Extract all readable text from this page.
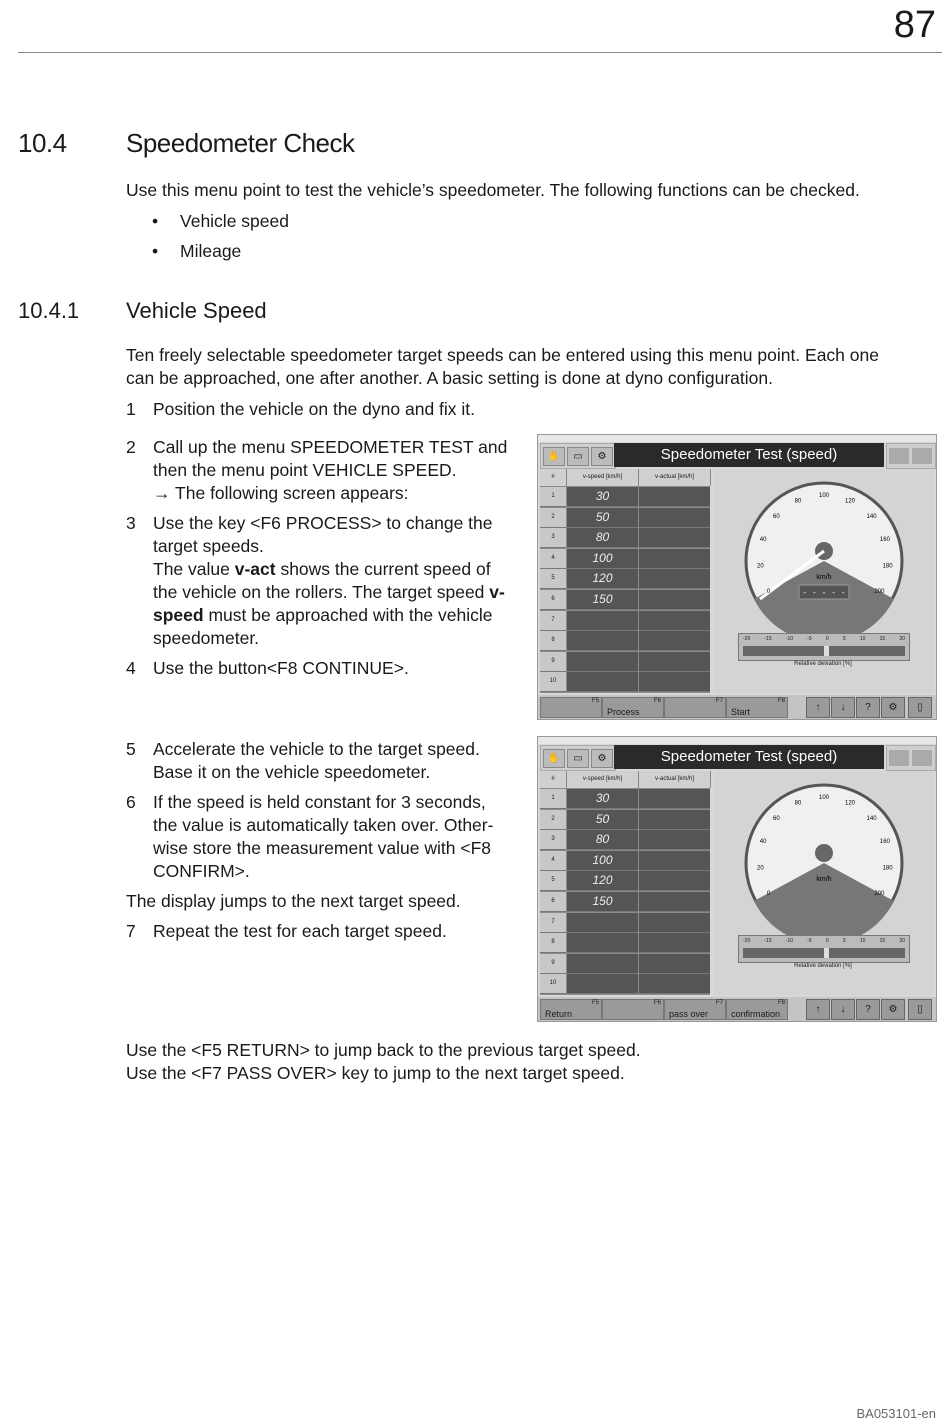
87
10.4 Speedometer Check
Use this menu point to test the vehicle’s speedometer. The following functions can be checked.
• Vehicle speed
• Mileage
10.4.1 Vehicle Speed
Ten freely selectable speedometer target speeds can be entered using this menu point. Each one
can be approached, one after another. A basic setting is done at dyno configuration.
1 Position the vehicle on the dyno and fix it.
2 Call up the menu SPEEDOMETER TEST and
then the menu point VEHICLE SPEED.
→ The following screen appears:
3 Use the key <F6 PROCESS> to change the
target speeds.
The value v-act shows the current speed of
the vehicle on the rollers. The target speed v-
speed must be approached with the vehicle
speedometer.
4 Use the button<F8 CONTINUE>.
5 Accelerate the vehicle to the target speed.
Base it on the vehicle speedometer.
6 If the speed is held constant for 3 seconds,
the value is automatically taken over. Other-
wise store the measurement value with <F8
CONFIRM>.
The display jumps to the next target speed.
7 Repeat the test for each target speed.
Use the <F5 RETURN> to jump back to the previous target speed.
Use the <F7 PASS OVER> key to jump to the next target speed.
BA053101-en
✋	▭	⚙	Speedometer Test (speed)
#	v-speed [km/h]	v-actual [km/h]
1	30
2	50
3	80
4	100
5	120
6	150
7
8
9
10
- - - - -
km/h
0
20
40
60
80
100
120
140
160
180
200
-20	-15	-10	-5	0	5	10	15	20
Relative deviation [%]
F5
Process
F6	F7
Start
F8
↑	↓	?	⚙	▯
✋	▭	⚙	Speedometer Test (speed)
#	v-speed [km/h]	v-actual [km/h]
1	30
2	50
3	80
4	100
5	120
6	150
7
8
9
10
km/h
0
20
40
60
80
100
120
140
160
180
200
-20	-15	-10	-5	0	5	10	15	20
Relative deviation [%]
Return
F5	F6
pass over
F7
confirmation
F8
↑	↓	?	⚙	▯
